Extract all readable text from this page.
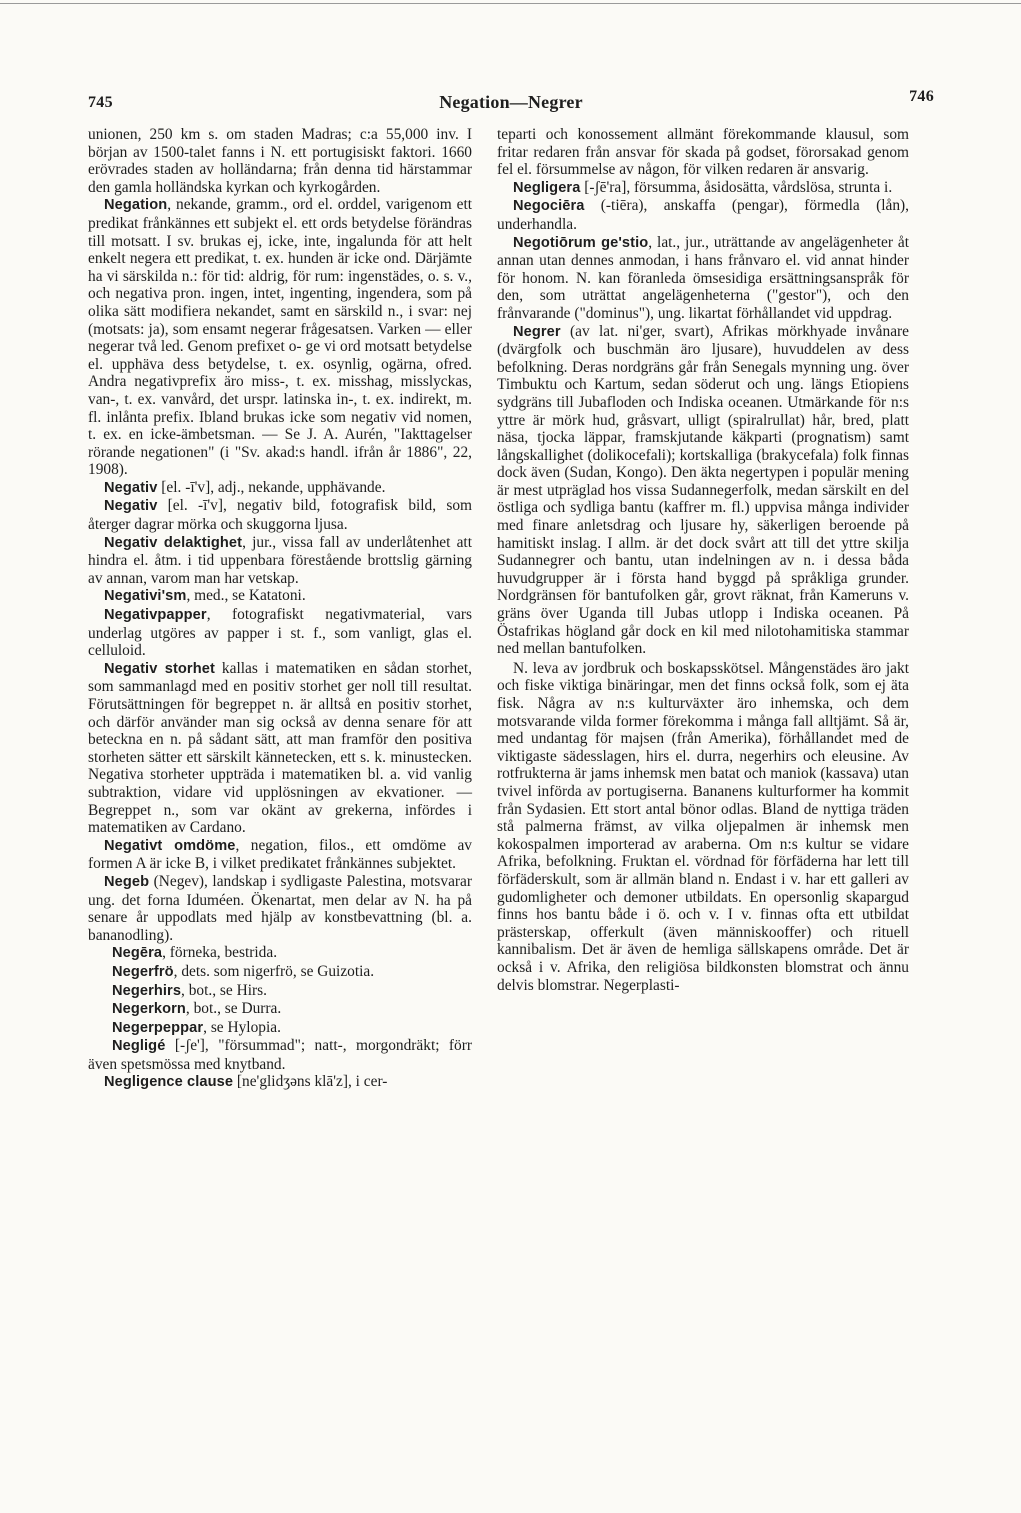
745	Negation—Negrer	746

unionen, 250 km s. om staden Madras; c:a 55,000 inv. I början av 1500-talet fanns i N. ett portugisiskt faktori. 1660 erövrades staden av holländarna; från denna tid härstammar den gamla holländska kyrkan och kyrkogården.

Negation, nekande, gramm., ord el. orddel, varigenom ett predikat frånkännes ett subjekt el. ett ords betydelse förändras till motsatt. I sv. brukas ej, icke, inte, ingalunda för att helt enkelt negera ett predikat, t. ex. hunden är icke ond. Därjämte ha vi särskilda n.: för tid: aldrig, för rum: ingenstädes, o. s. v., och negativa pron. ingen, intet, ingenting, ingendera, som på olika sätt modifiera nekandet, samt en särskild n., i svar: nej (motsats: ja), som ensamt negerar frågesatsen. Varken — eller negerar två led. Genom prefixet o- ge vi ord motsatt betydelse el. upphäva dess betydelse, t. ex. osynlig, ogärna, ofred. Andra negativprefix äro miss-, t. ex. misshag, misslyckas, van-, t. ex. vanvård, det urspr. latinska in-, t. ex. indirekt, m. fl. inlånta prefix. Ibland brukas icke som negativ vid nomen, t. ex. en icke-ämbetsman. — Se J. A. Aurén, "Iakttagelser rörande negationen" (i "Sv. akad:s handl. ifrån år 1886", 22, 1908).

Negativ [el. -ī'v], adj., nekande, upphävande.

Negativ [el. -ī'v], negativ bild, fotografisk bild, som återger dagrar mörka och skuggorna ljusa.

Negativ delaktighet, jur., vissa fall av underlåtenhet att hindra el. åtm. i tid uppenbara förestående brottslig gärning av annan, varom man har vetskap.

Negativi'sm, med., se Katatoni.

Negativpapper, fotografiskt negativmaterial, vars underlag utgöres av papper i st. f., som vanligt, glas el. celluloid.

Negativ storhet kallas i matematiken en sådan storhet, som sammanlagd med en positiv storhet ger noll till resultat. Förutsättningen för begreppet n. är alltså en positiv storhet, och därför använder man sig också av denna senare för att beteckna en n. på sådant sätt, att man framför den positiva storheten sätter ett särskilt kännetecken, ett s. k. minustecken. Negativa storheter uppträda i matematiken bl. a. vid vanlig subtraktion, vidare vid upplösningen av ekvationer. — Begreppet n., som var okänt av grekerna, infördes i matematiken av Cardano.

Negativt omdöme, negation, filos., ett omdöme av formen A är icke B, i vilket predikatet frånkännes subjektet.

Negeb (Negev), landskap i sydligaste Palestina, motsvarar ung. det forna Iduméen. Ökenartat, men delar av N. ha på senare år uppodlats med hjälp av konstbevattning (bl. a. bananodling).

Negēra, förneka, bestrida.

Negerfrö, dets. som nigerfrö, se Guizotia.

Negerhirs, bot., se Hirs.

Negerkorn, bot., se Durra.

Negerpeppar, se Hylopia.

Negligé [-ʃe'], "försummad"; natt-, morgondräkt; förr även spetsmössa med knytband.

Negligence clause [ne'glidʒəns klā'z], i cer-

teparti och konossement allmänt förekommande klausul, som fritar redaren från ansvar för skada på godset, förorsakad genom fel el. försummelse av någon, för vilken redaren är ansvarig.

Negligera [-ʃē'ra], försumma, åsidosätta, vårdslösa, strunta i.

Negociēra (-tiēra), anskaffa (pengar), förmedla (lån), underhandla.

Negotiōrum ge'stio, lat., jur., uträttande av angelägenheter åt annan utan dennes anmodan, i hans frånvaro el. vid annat hinder för honom. N. kan föranleda ömsesidiga ersättningsanspråk för den, som uträttat angelägenheterna ("gestor"), och den frånvarande ("dominus"), ung. likartat förhållandet vid uppdrag.

Negrer (av lat. ni'ger, svart), Afrikas mörkhyade invånare (dvärgfolk och buschmän äro ljusare), huvuddelen av dess befolkning. Deras nordgräns går från Senegals mynning ung. över Timbuktu och Kartum, sedan söderut och ung. längs Etiopiens sydgräns till Jubafloden och Indiska oceanen. Utmärkande för n:s yttre är mörk hud, gråsvart, ulligt (spiralrullat) hår, bred, platt näsa, tjocka läppar, framskjutande käkparti (prognatism) samt långskallighet (dolikocefali); kortskalliga (brakycefala) folk finnas dock även (Sudan, Kongo). Den äkta negertypen i populär mening är mest utpräglad hos vissa Sudannegerfolk, medan särskilt en del östliga och sydliga bantu (kaffrer m. fl.) uppvisa många individer med finare anletsdrag och ljusare hy, säkerligen beroende på hamitiskt inslag. I allm. är det dock svårt att till det yttre skilja Sudannegrer och bantu, utan indelningen av n. i dessa båda huvudgrupper är i första hand byggd på språkliga grunder. Nordgränsen för bantufolken går, grovt räknat, från Kameruns v. gräns över Uganda till Jubas utlopp i Indiska oceanen. På Östafrikas högland går dock en kil med nilotohamitiska stammar ned mellan bantufolken.

N. leva av jordbruk och boskapsskötsel. Mångenstädes äro jakt och fiske viktiga binäringar, men det finns också folk, som ej äta fisk. Några av n:s kulturväxter äro inhemska, och dem motsvarande vilda former förekomma i många fall alltjämt. Så är, med undantag för majsen (från Amerika), förhållandet med de viktigaste sädesslagen, hirs el. durra, negerhirs och eleusine. Av rotfrukterna är jams inhemsk men batat och maniok (kassava) utan tvivel införda av portugiserna. Bananens kulturformer ha kommit från Sydasien. Ett stort antal bönor odlas. Bland de nyttiga träden stå palmerna främst, av vilka oljepalmen är inhemsk men kokospalmen importerad av araberna. Om n:s kultur se vidare Afrika, befolkning. Fruktan el. vördnad för förfäderna har lett till förfäderskult, som är allmän bland n. Endast i v. har ett galleri av gudomligheter och demoner utbildats. En opersonlig skapargud finns hos bantu både i ö. och v. I v. finnas ofta ett utbildat prästerskap, offerkult (även människooffer) och rituell kannibalism. Det är även de hemliga sällskapens område. Det är också i v. Afrika, den religiösa bildkonsten blomstrat och ännu delvis blomstrar. Negerplasti-
